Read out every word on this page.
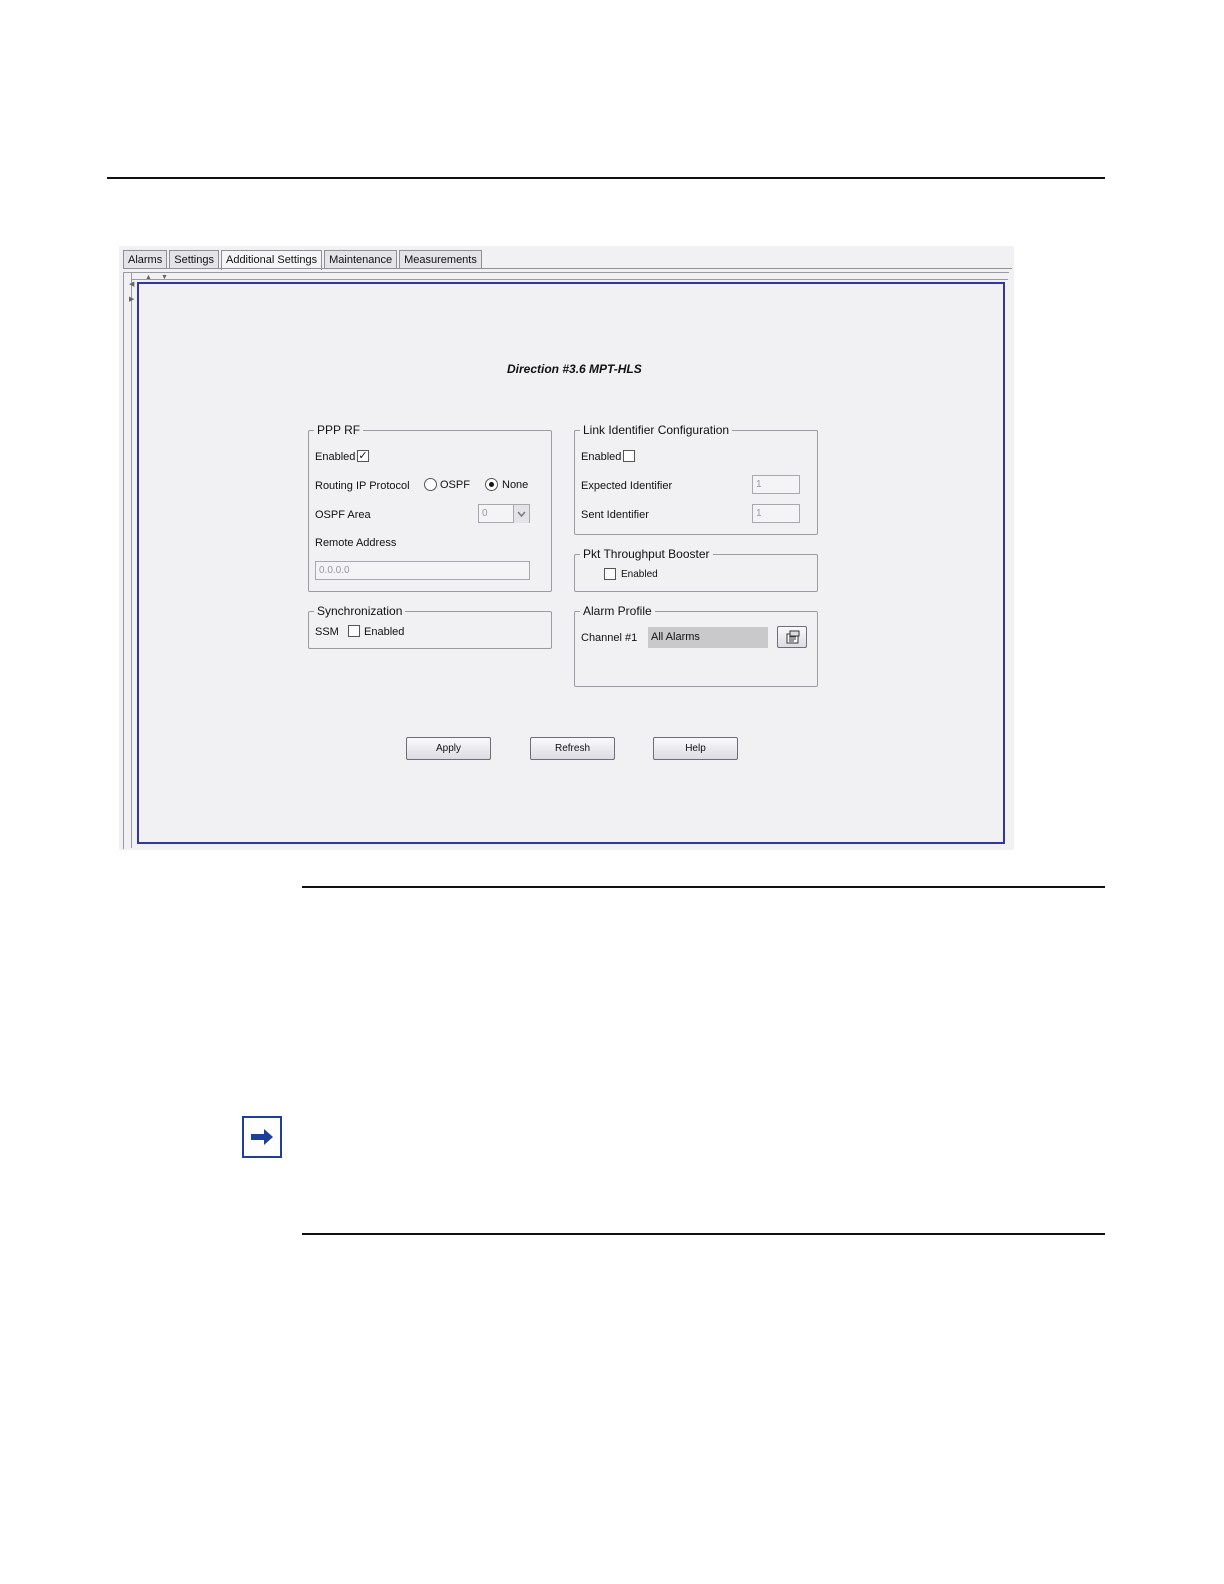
Alarms	Settings	Additional Settings	Maintenance	Measurements
▲ ▼
◀
▶
Direction #3.6 MPT-HLS
PPP RF
Enabled ✓
Routing IP Protocol	OSPF	None
OSPF Area	0
Remote Address
0.0.0.0
Synchronization
SSM Enabled
Link Identifier Configuration
Enabled
Expected Identifier	1
Sent Identifier	1
Pkt Throughput Booster
Enabled
Alarm Profile
Channel #1 All Alarms
Apply	Refresh	Help
